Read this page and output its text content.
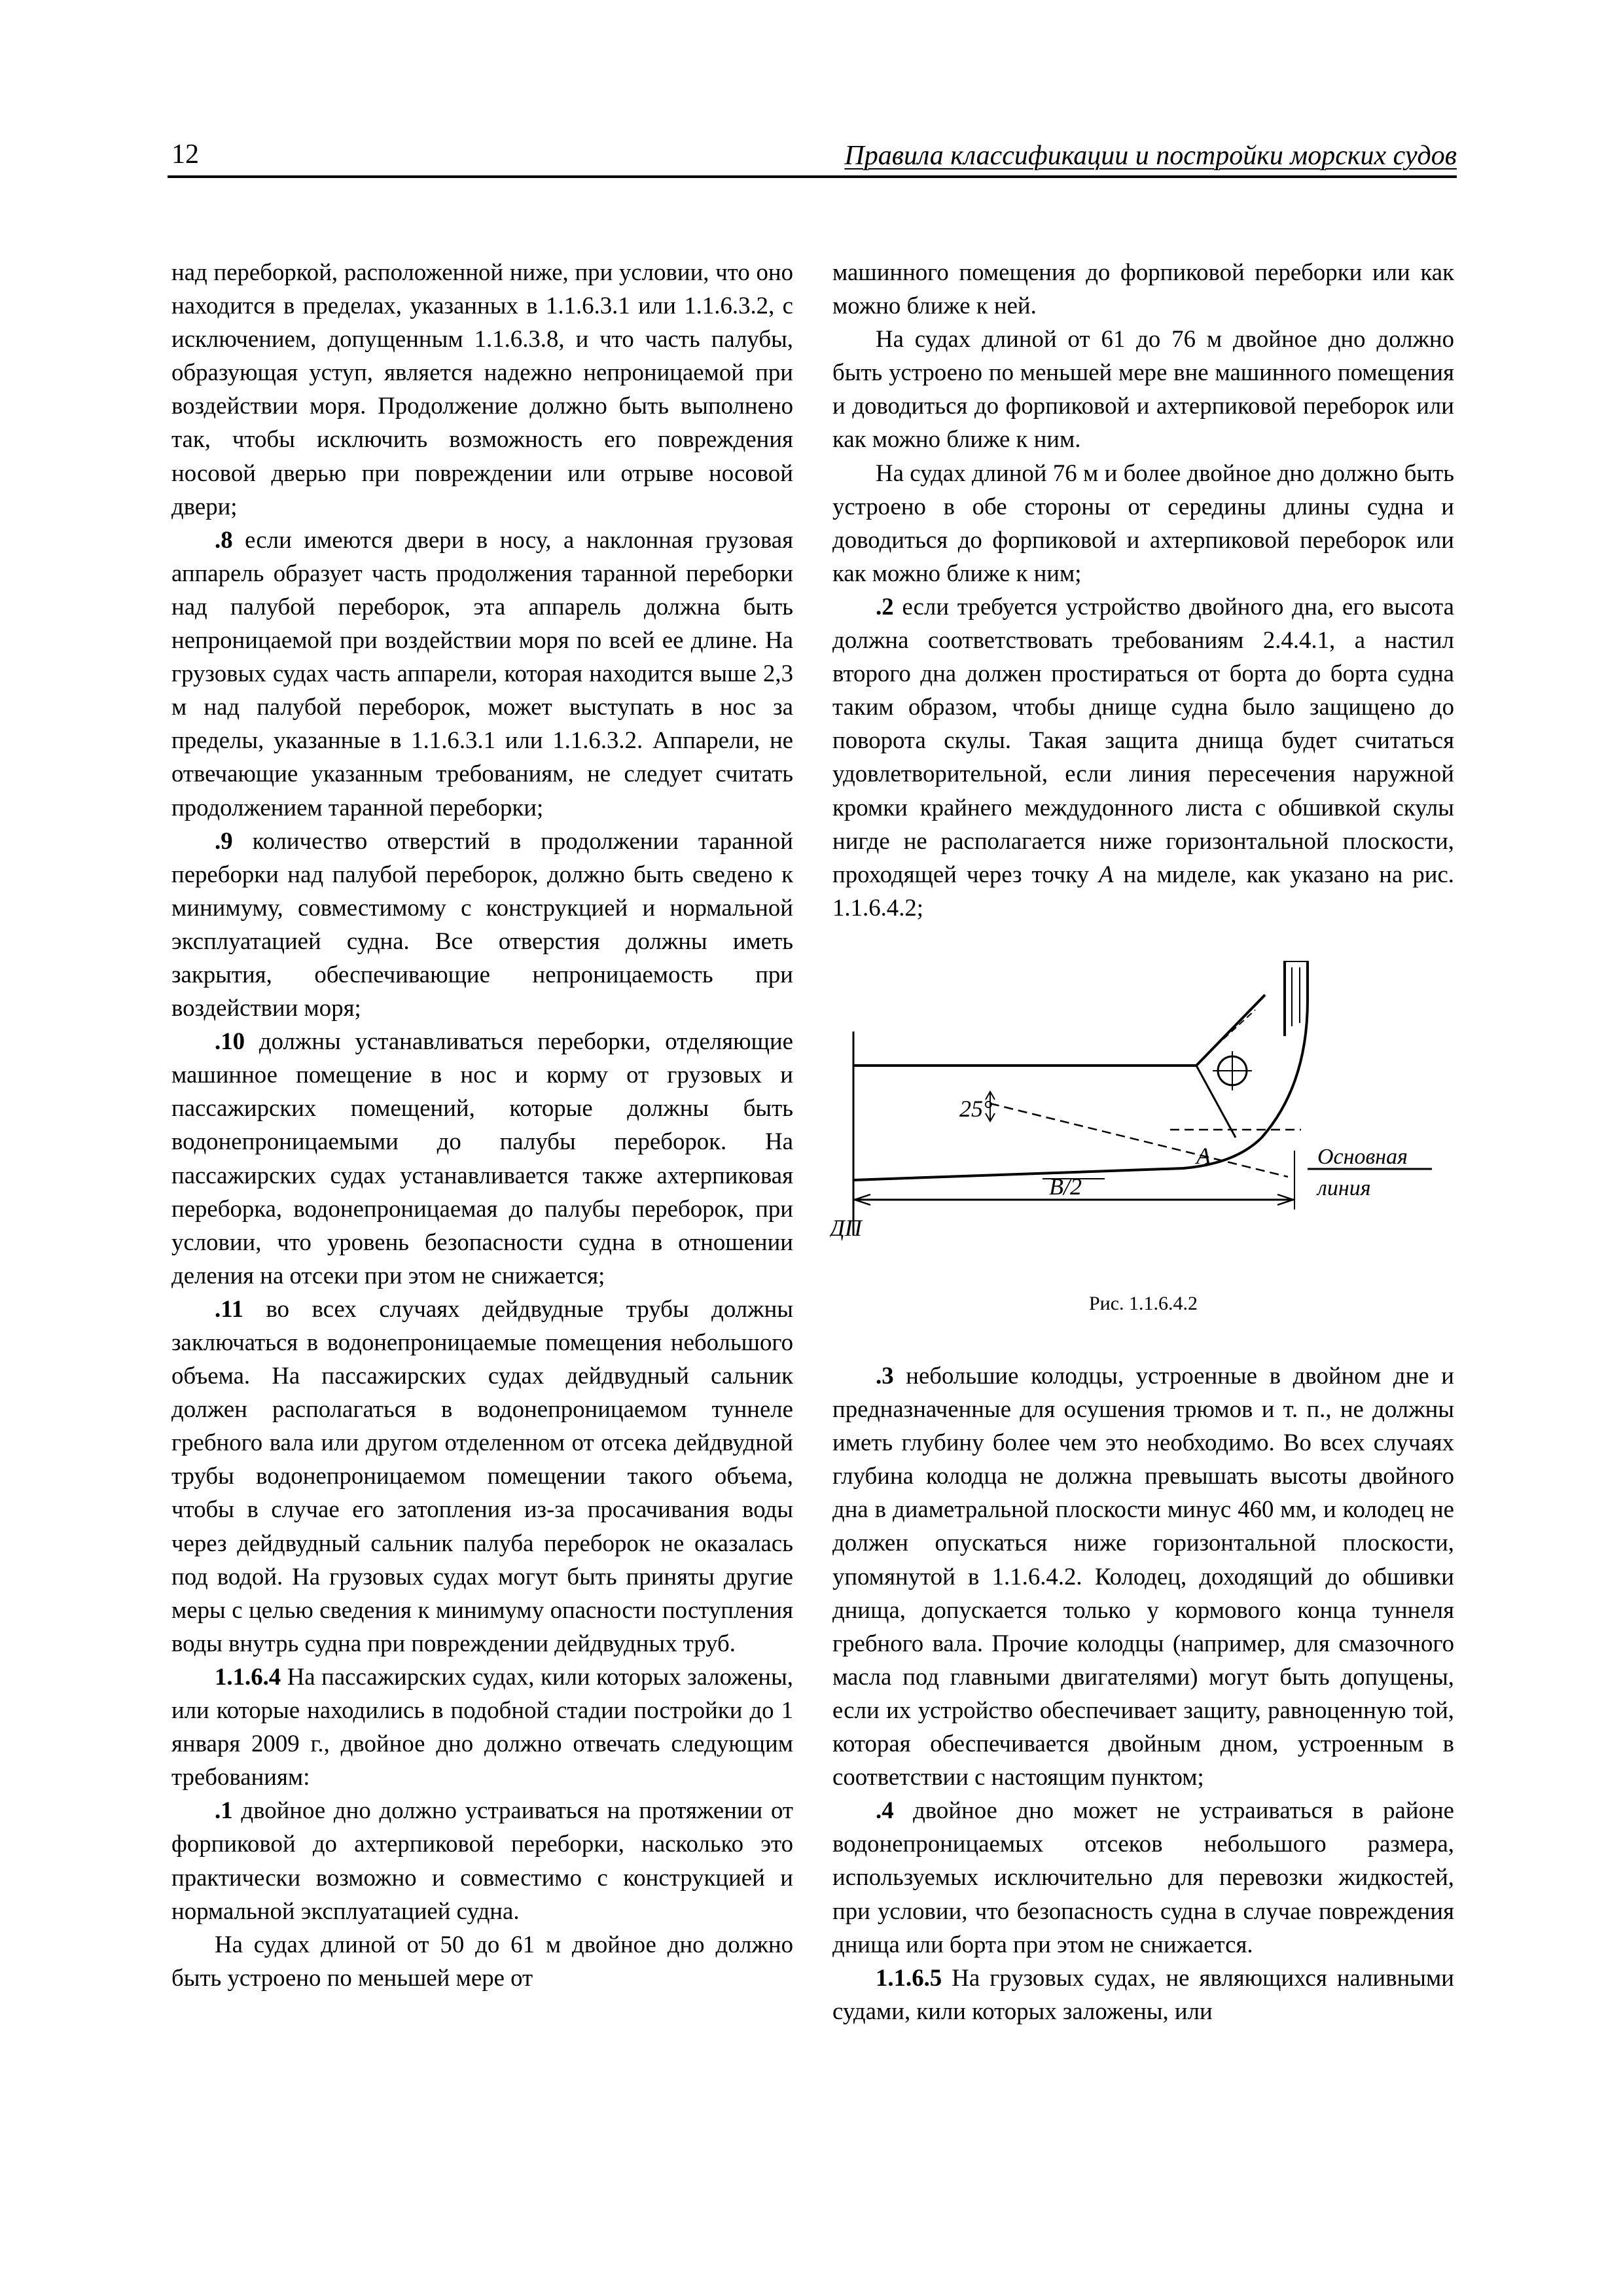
12	Правила классификации и постройки морских судов

над переборкой, расположенной ниже, при условии, что оно находится в пределах, указанных в 1.1.6.3.1 или 1.1.6.3.2, с исключением, допущенным 1.1.6.3.8, и что часть палубы, образующая уступ, является надежно непроницаемой при воздействии моря. Продолжение должно быть выполнено так, чтобы исключить возможность его повреждения носовой дверью при повреждении или отрыве носовой двери;

.8 если имеются двери в носу, а наклонная грузовая аппарель образует часть продолжения таранной переборки над палубой переборок, эта аппарель должна быть непроницаемой при воздействии моря по всей ее длине. На грузовых судах часть аппарели, которая находится выше 2,3 м над палубой переборок, может выступать в нос за пределы, указанные в 1.1.6.3.1 или 1.1.6.3.2. Аппарели, не отвечающие указанным требованиям, не следует считать продолжением таранной переборки;

.9 количество отверстий в продолжении таранной переборки над палубой переборок, должно быть сведено к минимуму, совместимому с конструкцией и нормальной эксплуатацией судна. Все отверстия должны иметь закрытия, обеспечивающие непроницаемость при воздействии моря;

.10 должны устанавливаться переборки, отделяющие машинное помещение в нос и корму от грузовых и пассажирских помещений, которые должны быть водонепроницаемыми до палубы переборок. На пассажирских судах устанавливается также ахтерпиковая переборка, водонепроницаемая до палубы переборок, при условии, что уровень безопасности судна в отношении деления на отсеки при этом не снижается;

.11 во всех случаях дейдвудные трубы должны заключаться в водонепроницаемые помещения небольшого объема. На пассажирских судах дейдвудный сальник должен располагаться в водонепроницаемом туннеле гребного вала или другом отделенном от отсека дейдвудной трубы водонепроницаемом помещении такого объема, чтобы в случае его затопления из-за просачивания воды через дейдвудный сальник палуба переборок не оказалась под водой. На грузовых судах могут быть приняты другие меры с целью сведения к минимуму опасности поступления воды внутрь судна при повреждении дейдвудных труб.

1.1.6.4 На пассажирских судах, кили которых заложены, или которые находились в подобной стадии постройки до 1 января 2009 г., двойное дно должно отвечать следующим требованиям:

.1 двойное дно должно устраиваться на протяжении от форпиковой до ахтерпиковой переборки, насколько это практически возможно и совместимо с конструкцией и нормальной эксплуатацией судна.

На судах длиной от 50 до 61 м двойное дно должно быть устроено по меньшей мере от

машинного помещения до форпиковой переборки или как можно ближе к ней.

На судах длиной от 61 до 76 м двойное дно должно быть устроено по меньшей мере вне машинного помещения и доводиться до форпиковой и ахтерпиковой переборок или как можно ближе к ним.

На судах длиной 76 м и более двойное дно должно быть устроено в обе стороны от середины длины судна и доводиться до форпиковой и ахтерпиковой переборок или как можно ближе к ним;

.2 если требуется устройство двойного дна, его высота должна соответствовать требованиям 2.4.4.1, а настил второго дна должен простираться от борта до борта судна таким образом, чтобы днище судна было защищено до поворота скулы. Такая защита днища будет считаться удовлетворительной, если линия пересечения наружной кромки крайнего междудонного листа с обшивкой скулы нигде не располагается ниже горизонтальной плоскости, проходящей через точку A на миделе, как указано на рис. 1.1.6.4.2;

25°
A	Основная
линия
B/2
ДП
Рис. 1.1.6.4.2

.3 небольшие колодцы, устроенные в двойном дне и предназначенные для осушения трюмов и т. п., не должны иметь глубину более чем это необходимо. Во всех случаях глубина колодца не должна превышать высоты двойного дна в диаметральной плоскости минус 460 мм, и колодец не должен опускаться ниже горизонтальной плоскости, упомянутой в 1.1.6.4.2. Колодец, доходящий до обшивки днища, допускается только у кормового конца туннеля гребного вала. Прочие колодцы (например, для смазочного масла под главными двигателями) могут быть допущены, если их устройство обеспечивает защиту, равноценную той, которая обеспечивается двойным дном, устроенным в соответствии с настоящим пунктом;

.4 двойное дно может не устраиваться в районе водонепроницаемых отсеков небольшого размера, используемых исключительно для перевозки жидкостей, при условии, что безопасность судна в случае повреждения днища или борта при этом не снижается.

1.1.6.5 На грузовых судах, не являющихся наливными судами, кили которых заложены, или
